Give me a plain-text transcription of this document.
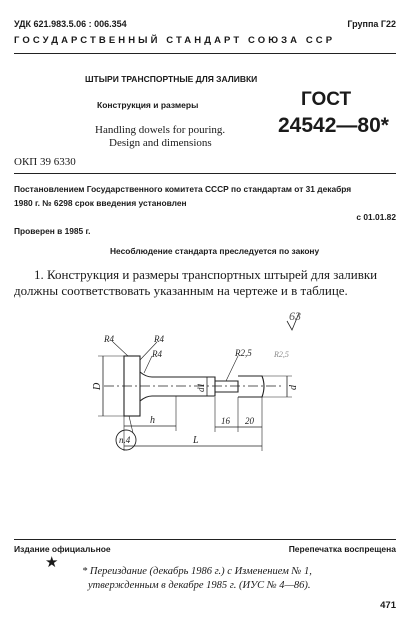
УДК 621.983.5.06 : 006.354	Группа Г22
ГОСУДАРСТВЕННЫЙ СТАНДАРТ СОЮЗА ССР
ШТЫРИ ТРАНСПОРТНЫЕ ДЛЯ ЗАЛИВКИ
Конструкция и размеры
Handling dowels for pouring.
Design and dimensions
ГОСТ
24542—80*
ОКП 39 6330
Постановлением Государственного комитета СССР по стандартам от 31 декабря
1980 г. № 6298 срок введения установлен
с 01.01.82
Проверен в 1985 г.
Несоблюдение стандарта преследуется по закону
1. Конструкция и размеры транспортных штырей для заливки
должны соответствовать указанным на чертеже и в таблице.
R4	R4
R4	R2,5	R2,5
63
D	d1	d
h	16 20
L
п.4
Издание официальное	Перепечатка воспрещена
★
* Переиздание (декабрь 1986 г.) с Изменением № 1,
утвержденным в декабре 1985 г. (ИУС № 4—86).
471
